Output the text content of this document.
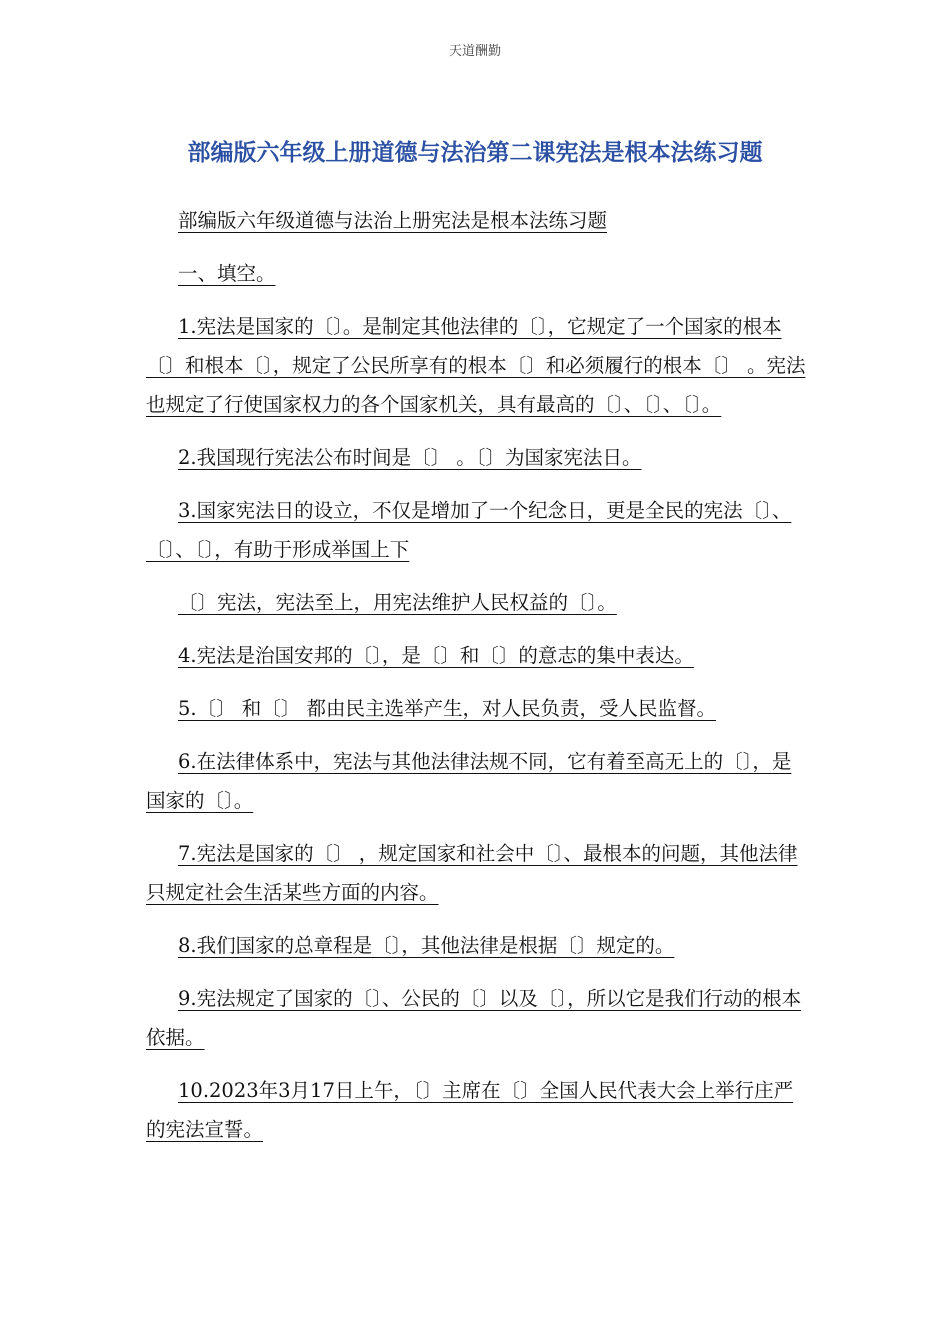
天道酬勤
部编版六年级上册道德与法治第二课宪法是根本法练习题

部编版六年级道德与法治上册宪法是根本法练习题

一、填空。

1.宪法是国家的〔〕。是制定其他法律的〔〕，它规定了一个国家的根本〔〕和根本〔〕，规定了公民所享有的根本〔〕和必须履行的根本〔〕 。宪法也规定了行使国家权力的各个国家机关，具有最高的〔〕、〔〕、〔〕。

2.我国现行宪法公布时间是〔〕 。〔〕为国家宪法日。

3.国家宪法日的设立，不仅是增加了一个纪念日，更是全民的宪法〔〕、〔〕、〔〕，有助于形成举国上下

〔〕宪法，宪法至上，用宪法维护人民权益的〔〕。

4.宪法是治国安邦的〔〕，是〔〕和〔〕的意志的集中表达。

5.〔〕 和〔〕 都由民主选举产生，对人民负责，受人民监督。

6.在法律体系中，宪法与其他法律法规不同，它有着至高无上的〔〕，是国家的〔〕。

7.宪法是国家的〔〕 ，规定国家和社会中〔〕、最根本的问题，其他法律只规定社会生活某些方面的内容。

8.我们国家的总章程是〔〕，其他法律是根据〔〕规定的。

9.宪法规定了国家的〔〕、公民的〔〕以及〔〕，所以它是我们行动的根本依据。

10.2023年3月17日上午，〔〕主席在〔〕全国人民代表大会上举行庄严的宪法宣誓。
